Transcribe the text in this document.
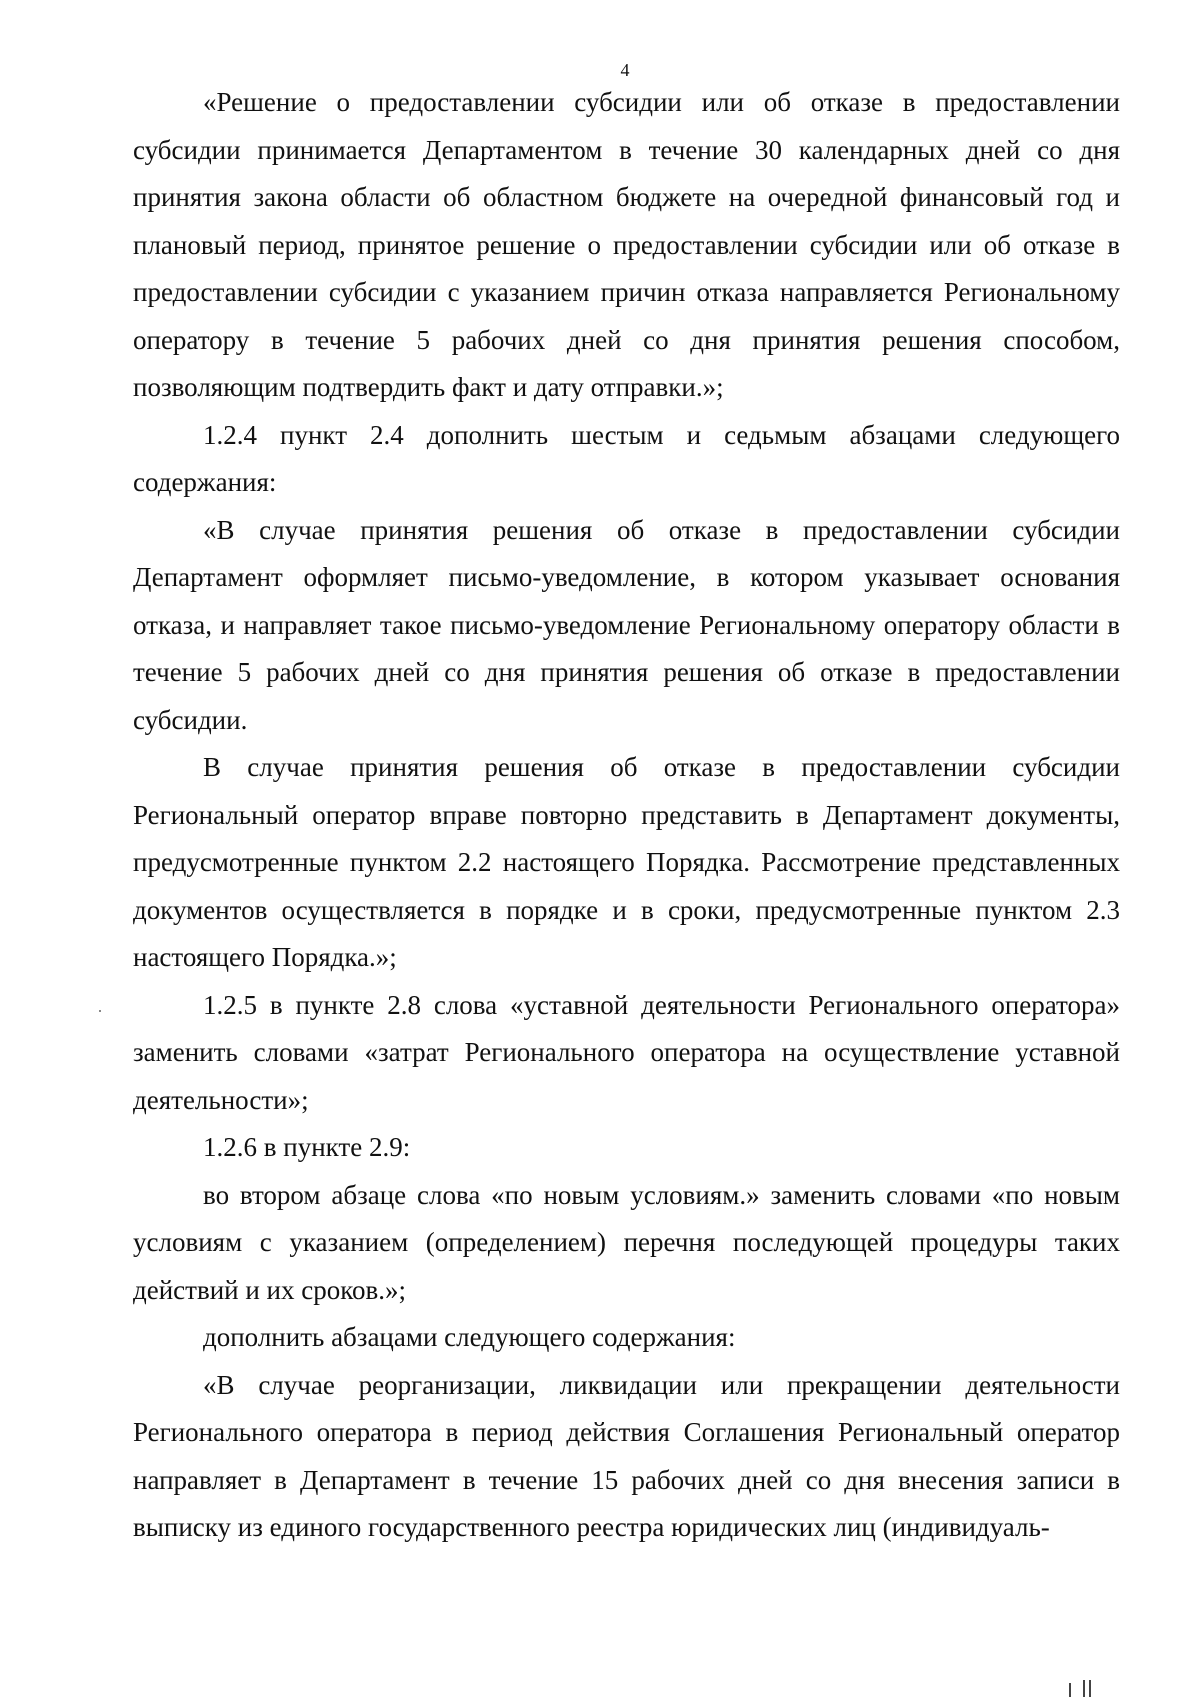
4

«Решение о предоставлении субсидии или об отказе в предоставлении субсидии принимается Департаментом в течение 30 календарных дней со дня принятия закона области об областном бюджете на очередной финансовый год и плановый период, принятое решение о предоставлении субсидии или об отказе в предоставлении субсидии с указанием причин отказа направляется Региональному оператору в течение 5 рабочих дней со дня принятия решения способом, позволяющим подтвердить факт и дату отправки.»;

1.2.4 пункт 2.4 дополнить шестым и седьмым абзацами следующего содержания:

«В случае принятия решения об отказе в предоставлении субсидии Департамент оформляет письмо-уведомление, в котором указывает основания отказа, и направляет такое письмо-уведомление Региональному оператору области в течение 5 рабочих дней со дня принятия решения об отказе в предоставлении субсидии.

В случае принятия решения об отказе в предоставлении субсидии Региональный оператор вправе повторно представить в Департамент документы, предусмотренные пунктом 2.2 настоящего Порядка. Рассмотрение представленных документов осуществляется в порядке и в сроки, предусмотренные пунктом 2.3 настоящего Порядка.»;

1.2.5 в пункте 2.8 слова «уставной деятельности Регионального оператора» заменить словами «затрат Регионального оператора на осуществление уставной деятельности»;

1.2.6 в пункте 2.9:

во втором абзаце слова «по новым условиям.» заменить словами «по новым условиям с указанием (определением) перечня последующей процедуры таких действий и их сроков.»;

дополнить абзацами следующего содержания:

«В случае реорганизации, ликвидации или прекращении деятельности Регионального оператора в период действия Соглашения Региональный оператор направляет в Департамент в течение 15 рабочих дней со дня внесения записи в выписку из единого государственного реестра юридических лиц (индивидуаль-
